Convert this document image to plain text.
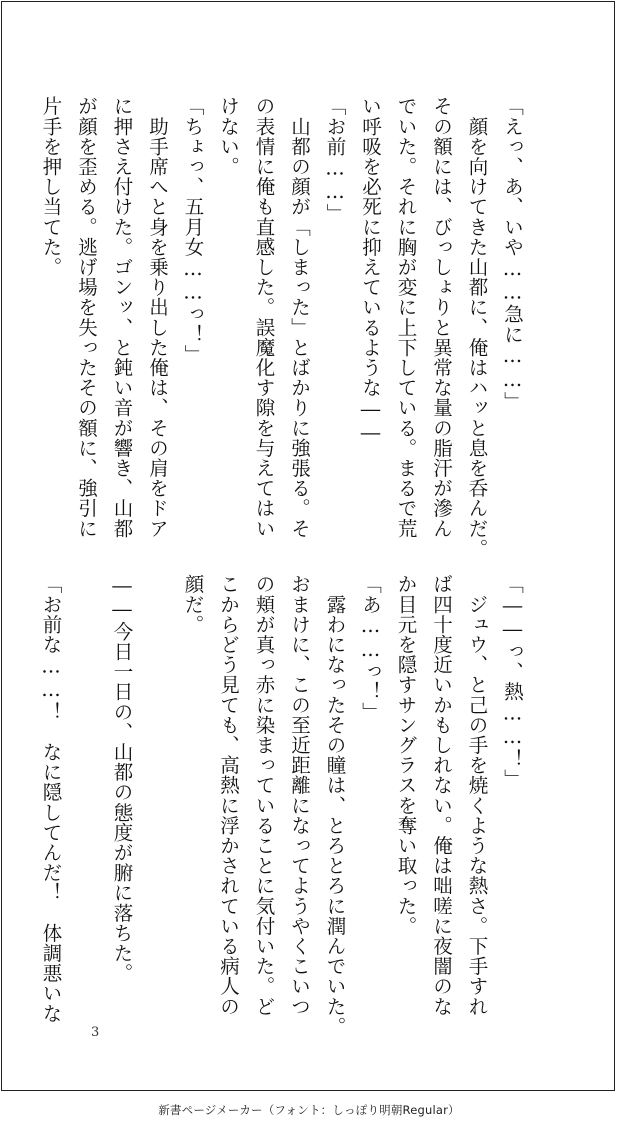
「えっ、あ、いや……急に……」
　顔を向けてきた山都に、俺はハッと息を呑んだ。
その額には、びっしょりと異常な量の脂汗が滲ん
でいた。それに胸が変に上下している。まるで荒
い呼吸を必死に抑えているような――
「お前……」
　山都の顔が「しまった」とばかりに強張る。そ
の表情に俺も直感した。誤魔化す隙を与えてはい
けない。
「ちょっ、五月女……っ！」
　助手席へと身を乗り出した俺は、その肩をドア
に押さえ付けた。ゴンッ、と鈍い音が響き、山都
が顔を歪める。逃げ場を失ったその額に、強引に
片手を押し当てた。
「――っ、熱……！」
　ジュウ、と己の手を焼くような熱さ。下手すれ
ば四十度近いかもしれない。俺は咄嗟に夜闇のな
か目元を隠すサングラスを奪い取った。
「あ……っ！」
　露わになったその瞳は、とろとろに潤んでいた。
おまけに、この至近距離になってようやくこいつ
の頬が真っ赤に染まっていることに気付いた。ど
こからどう見ても、高熱に浮かされている病人の
顔だ。

――今日一日の、山都の態度が腑に落ちた。

「お前な……！　なに隠してんだ！　体調悪いな
3
新書ページメーカー（フォント：しっぽり明朝Regular）
